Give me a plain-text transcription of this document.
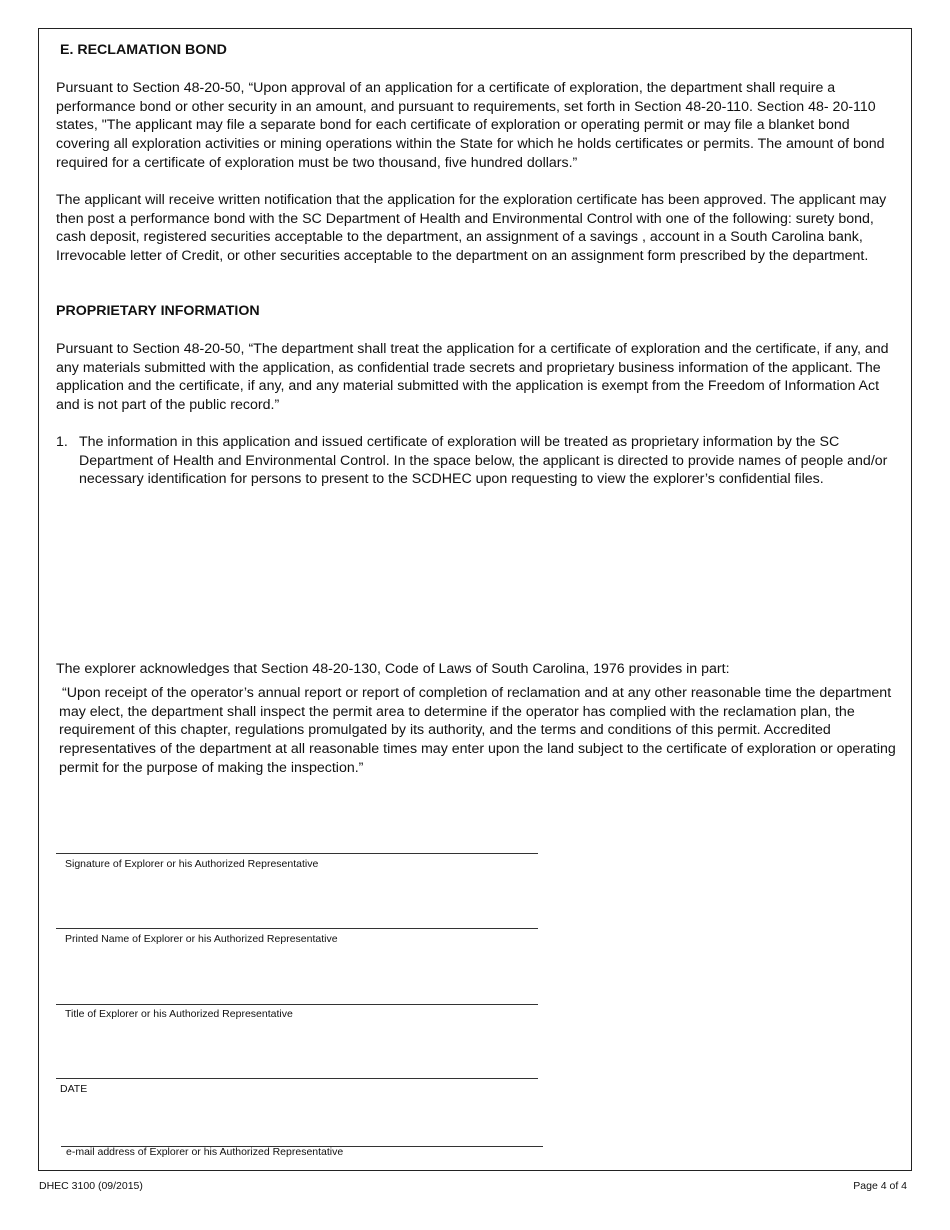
E. RECLAMATION BOND
Pursuant to Section 48-20-50, “Upon approval of an application for a certificate of exploration, the department shall require a performance bond or other security in an amount, and pursuant to requirements, set forth in Section 48-20-110. Section 48- 20-110 states, "The applicant may file a separate bond for each certificate of exploration or operating permit or may file a blanket bond covering all exploration activities or mining operations within the State for which he holds certificates or permits. The amount of bond required for a certificate of exploration must be two thousand, five hundred dollars.”
The applicant will receive written notification that the application for the exploration certificate has been approved. The applicant may then post a performance bond with the SC Department of Health and Environmental Control with one of the following: surety bond, cash deposit, registered securities acceptable to the department, an assignment of a savings , account in a South Carolina bank, Irrevocable letter of Credit, or other securities acceptable to the department on an assignment form prescribed by the department.
PROPRIETARY INFORMATION
Pursuant to Section 48-20-50, “The department shall treat the application for a certificate of exploration and the certificate, if any, and any materials submitted with the application, as confidential trade secrets and proprietary business information of the applicant. The application and the certificate, if any, and any material submitted with the application is exempt from the Freedom of Information Act and is not part of the public record.”
1. The information in this application and issued certificate of exploration will be treated as proprietary information by the SC Department of Health and Environmental Control. In the space below, the applicant is directed to provide names of people and/or necessary identification for persons to present to the SCDHEC upon requesting to view the explorer’s confidential files.
The explorer acknowledges that Section 48-20-130, Code of Laws of South Carolina, 1976 provides in part:
“Upon receipt of the operator’s annual report or report of completion of reclamation and at any other reasonable time the department may elect, the department shall inspect the permit area to determine if the operator has complied with the reclamation plan, the requirement of this chapter, regulations promulgated by its authority, and the terms and conditions of this permit. Accredited representatives of the department at all reasonable times may enter upon the land subject to the certificate of exploration or operating permit for the purpose of making the inspection.”
Signature of Explorer or his Authorized Representative
Printed Name of Explorer or his Authorized Representative
Title of Explorer or his Authorized Representative
DATE
e-mail address of Explorer or his Authorized Representative
DHEC 3100 (09/2015)	Page 4 of 4
